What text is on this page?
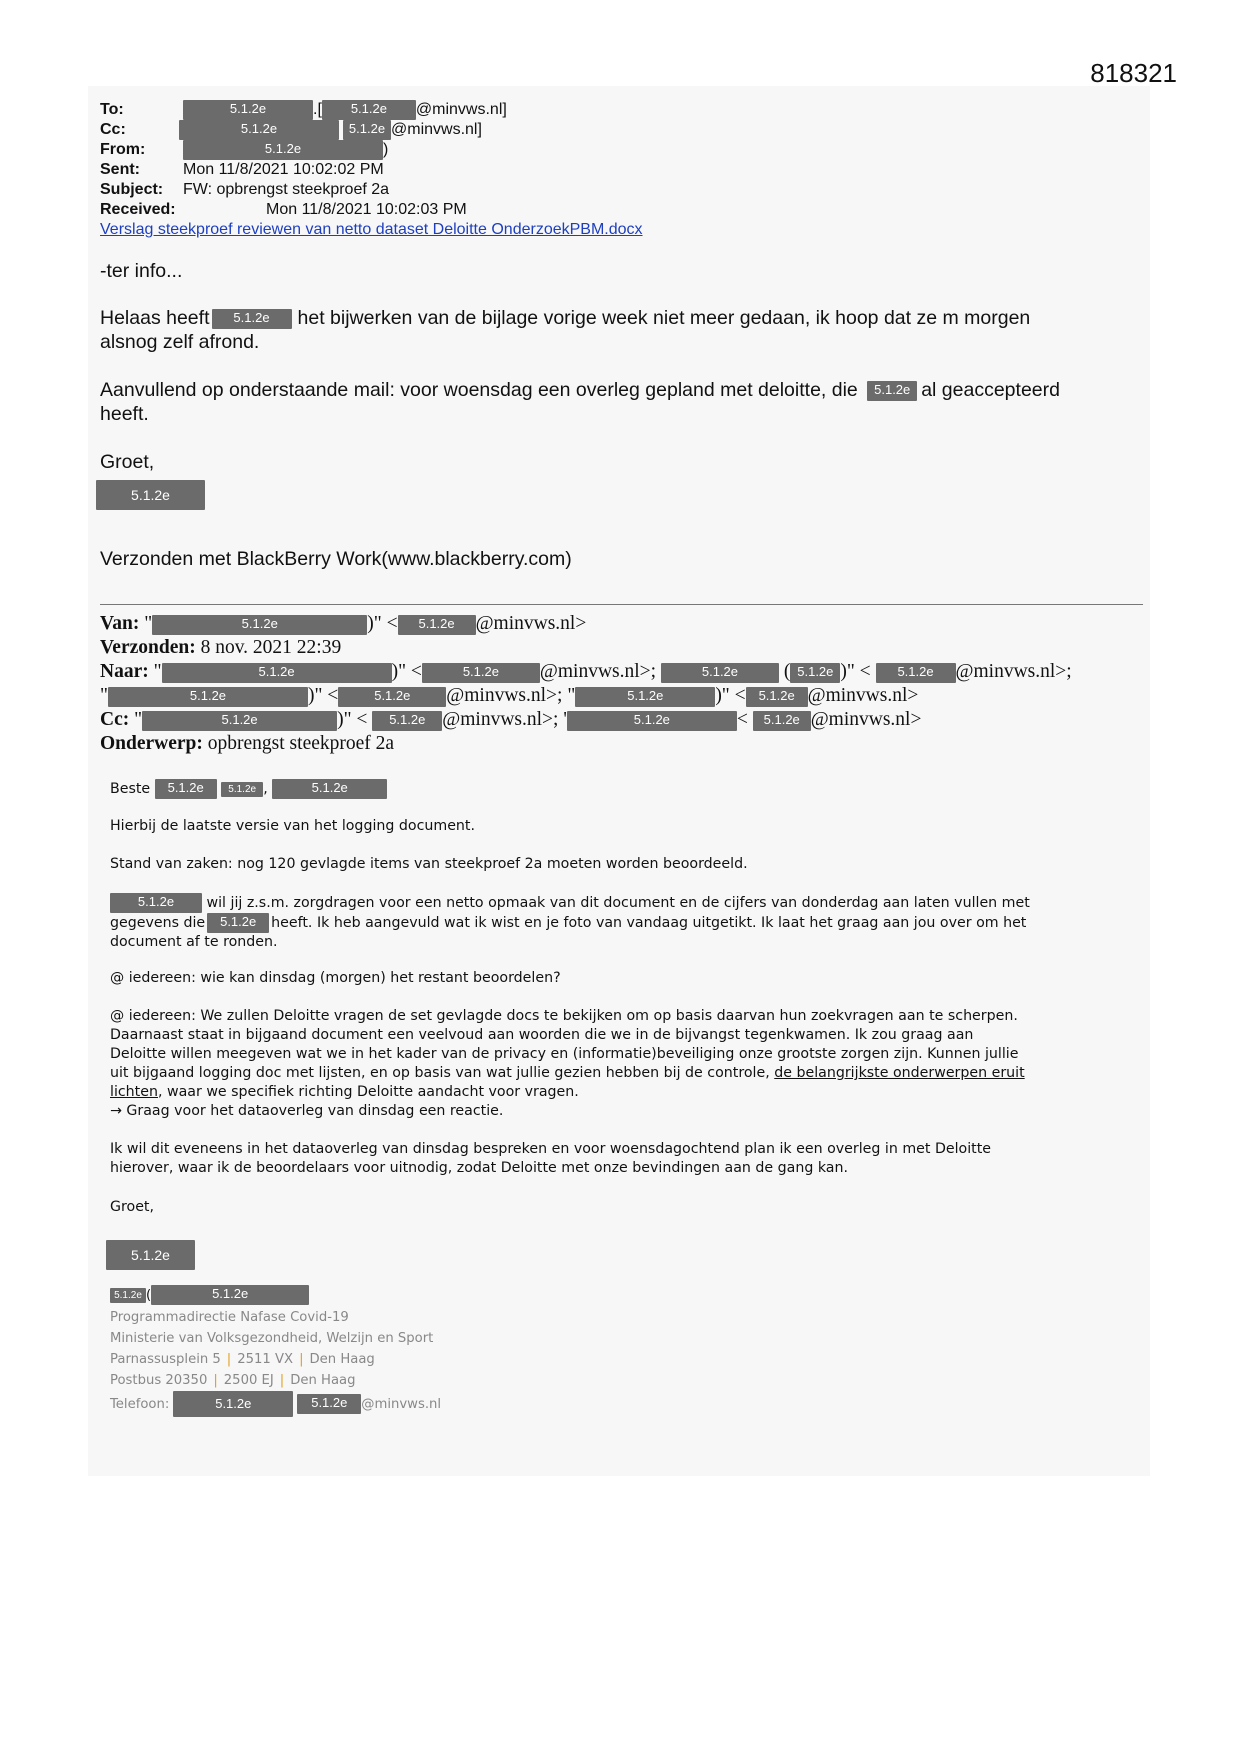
818321
To:	5.1.2e	.[ 5.1.2e @minvws.nl]
Cc:	5.1.2e	5.1.2e @minvws.nl]
From:	5.1.2e	)
Sent:	Mon 11/8/2021 10:02:02 PM
Subject: FW: opbrengst steekproef 2a
Received:	Mon 11/8/2021 10:02:03 PM
Verslag steekproef reviewen van netto dataset Deloitte OnderzoekPBM.docx
-ter info...
Helaas heeft 5.1.2e het bijwerken van de bijlage vorige week niet meer gedaan, ik hoop dat ze m morgen
alsnog zelf afrond.
Aanvullend op onderstaande mail: voor woensdag een overleg gepland met deloitte, die 5.1.2e al geaccepteerd
heeft.
Groet,
5.1.2e
Verzonden met BlackBerry Work(www.blackberry.com)
Van: "	5.1.2e	)" < 5.1.2e @minvws.nl>
Verzonden: 8 nov. 2021 22:39
Naar: "	5.1.2e	)" <	5.1.2e @minvws.nl>;	5.1.2e ( 5.1.2e )" < 5.1.2e @minvws.nl>;
"	5.1.2e	)" <	5.1.2e @minvws.nl>; "	5.1.2e	)" < 5.1.2e @minvws.nl>
Cc: "	5.1.2e	)" < 5.1.2e @minvws.nl>; '	5.1.2e	< 5.1.2e @minvws.nl>
Onderwerp: opbrengst steekproef 2a
Beste 5.1.2e 5.1.2e ,	5.1.2e
Hierbij de laatste versie van het logging document.
Stand van zaken: nog 120 gevlagde items van steekproef 2a moeten worden beoordeeld.
5.1.2e wil jij z.s.m. zorgdragen voor een netto opmaak van dit document en de cijfers van donderdag aan laten vullen met
gegevens die 5.1.2e heeft. Ik heb aangevuld wat ik wist en je foto van vandaag uitgetikt. Ik laat het graag aan jou over om het
document af te ronden.
@ iedereen: wie kan dinsdag (morgen) het restant beoordelen?
@ iedereen: We zullen Deloitte vragen de set gevlagde docs te bekijken om op basis daarvan hun zoekvragen aan te scherpen.
Daarnaast staat in bijgaand document een veelvoud aan woorden die we in de bijvangst tegenkwamen. Ik zou graag aan
Deloitte willen meegeven wat we in het kader van de privacy en (informatie)beveiliging onze grootste zorgen zijn. Kunnen jullie
uit bijgaand logging doc met lijsten, en op basis van wat jullie gezien hebben bij de controle, de belangrijkste onderwerpen eruit
lichten, waar we specifiek richting Deloitte aandacht voor vragen.
→ Graag voor het dataoverleg van dinsdag een reactie.
Ik wil dit eveneens in het dataoverleg van dinsdag bespreken en voor woensdagochtend plan ik een overleg in met Deloitte
hierover, waar ik de beoordelaars voor uitnodig, zodat Deloitte met onze bevindingen aan de gang kan.
Groet,
5.1.2e
5.1.2e (	5.1.2e
Programmadirectie Nafase Covid-19
Ministerie van Volksgezondheid, Welzijn en Sport
Parnassusplein 5 | 2511 VX | Den Haag
Postbus 20350 | 2500 EJ | Den Haag
Telefoon:	5.1.2e	5.1.2e @minvws.nl
